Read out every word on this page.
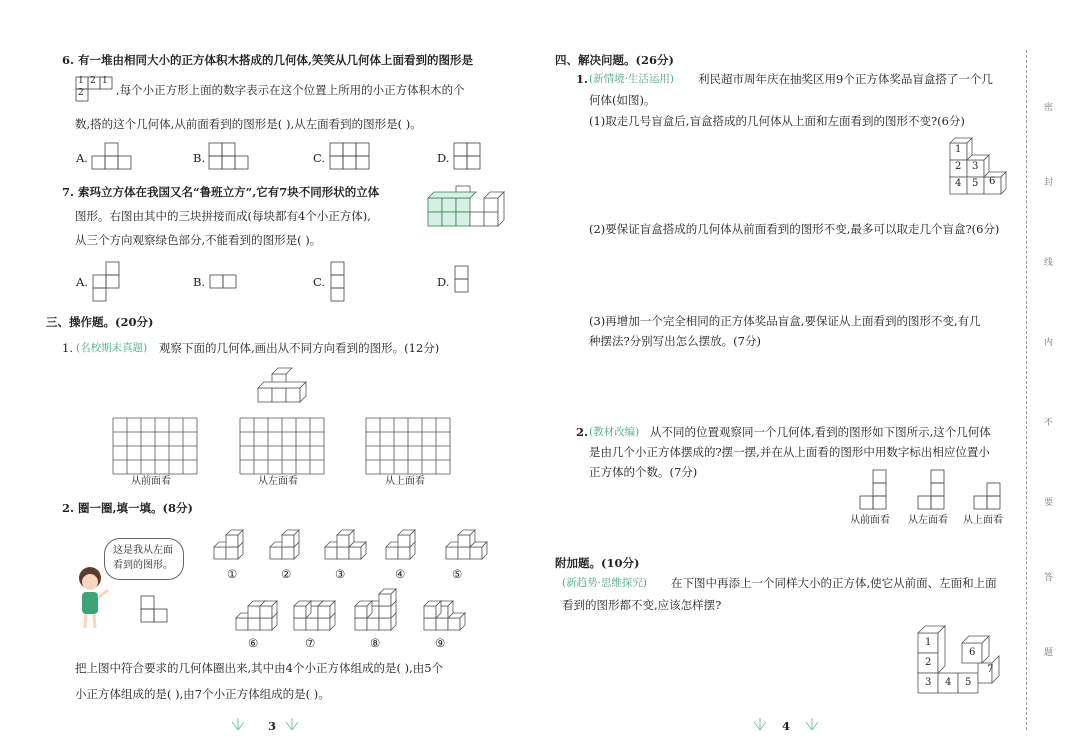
6. 有一堆由相同大小的正方体积木搭成的几何体,笑笑从几何体上面看到的图形是
1 2 1
2	,每个小正方形上面的数字表示在这个位置上所用的小正方体积木的个
数,搭的这个几何体,从前面看到的图形是( ),从左面看到的图形是( )。
A.	B.	C.	D.
7. 索玛立方体在我国又名“鲁班立方”,它有7块不同形状的立体
图形。右图由其中的三块拼接而成(每块都有4个小正方体),
从三个方向观察绿色部分,不能看到的图形是( )。
A.	B.	C.	D.
三、操作题。(20分)
1. (名校期末真题) 观察下面的几何体,画出从不同方向看到的图形。(12分)
从前面看	从左面看	从上面看
2. 圈一圈,填一填。(8分)
这是我从左面
看到的图形。
①	②	③	④	⑤
⑥	⑦	⑧	⑨
把上图中符合要求的几何体圈出来,其中由4个小正方体组成的是( ),由5个
小正方体组成的是( ),由7个小正方体组成的是( )。
3
四、解决问题。(26分)
1. (新情境·生活运用) 利民超市周年庆在抽奖区用9个正方体奖品盲盒搭了一个几
何体(如图)。
(1)取走几号盲盒后,盲盒搭成的几何体从上面和左面看到的图形不变?(6分)
1
2 3
4 5 6
(2)要保证盲盒搭成的几何体从前面看到的图形不变,最多可以取走几个盲盒?(6分)
(3)再增加一个完全相同的正方体奖品盲盒,要保证从上面看到的图形不变,有几
种摆法?分别写出怎么摆放。(7分)
2. (教材改编) 从不同的位置观察同一个几何体,看到的图形如下图所示,这个几何体
是由几个小正方体摆成的?摆一摆,并在从上面看的图形中用数字标出相应位置小
正方体的个数。(7分)
从前面看 从左面看 从上面看
附加题。(10分)
(新趋势·思维探究) 在下图中再添上一个同样大小的正方体,使它从前面、左面和上面
看到的图形都不变,应该怎样摆?
1
2
3 4 5
6
7
4
密
封
线
内
不
要
答
题
